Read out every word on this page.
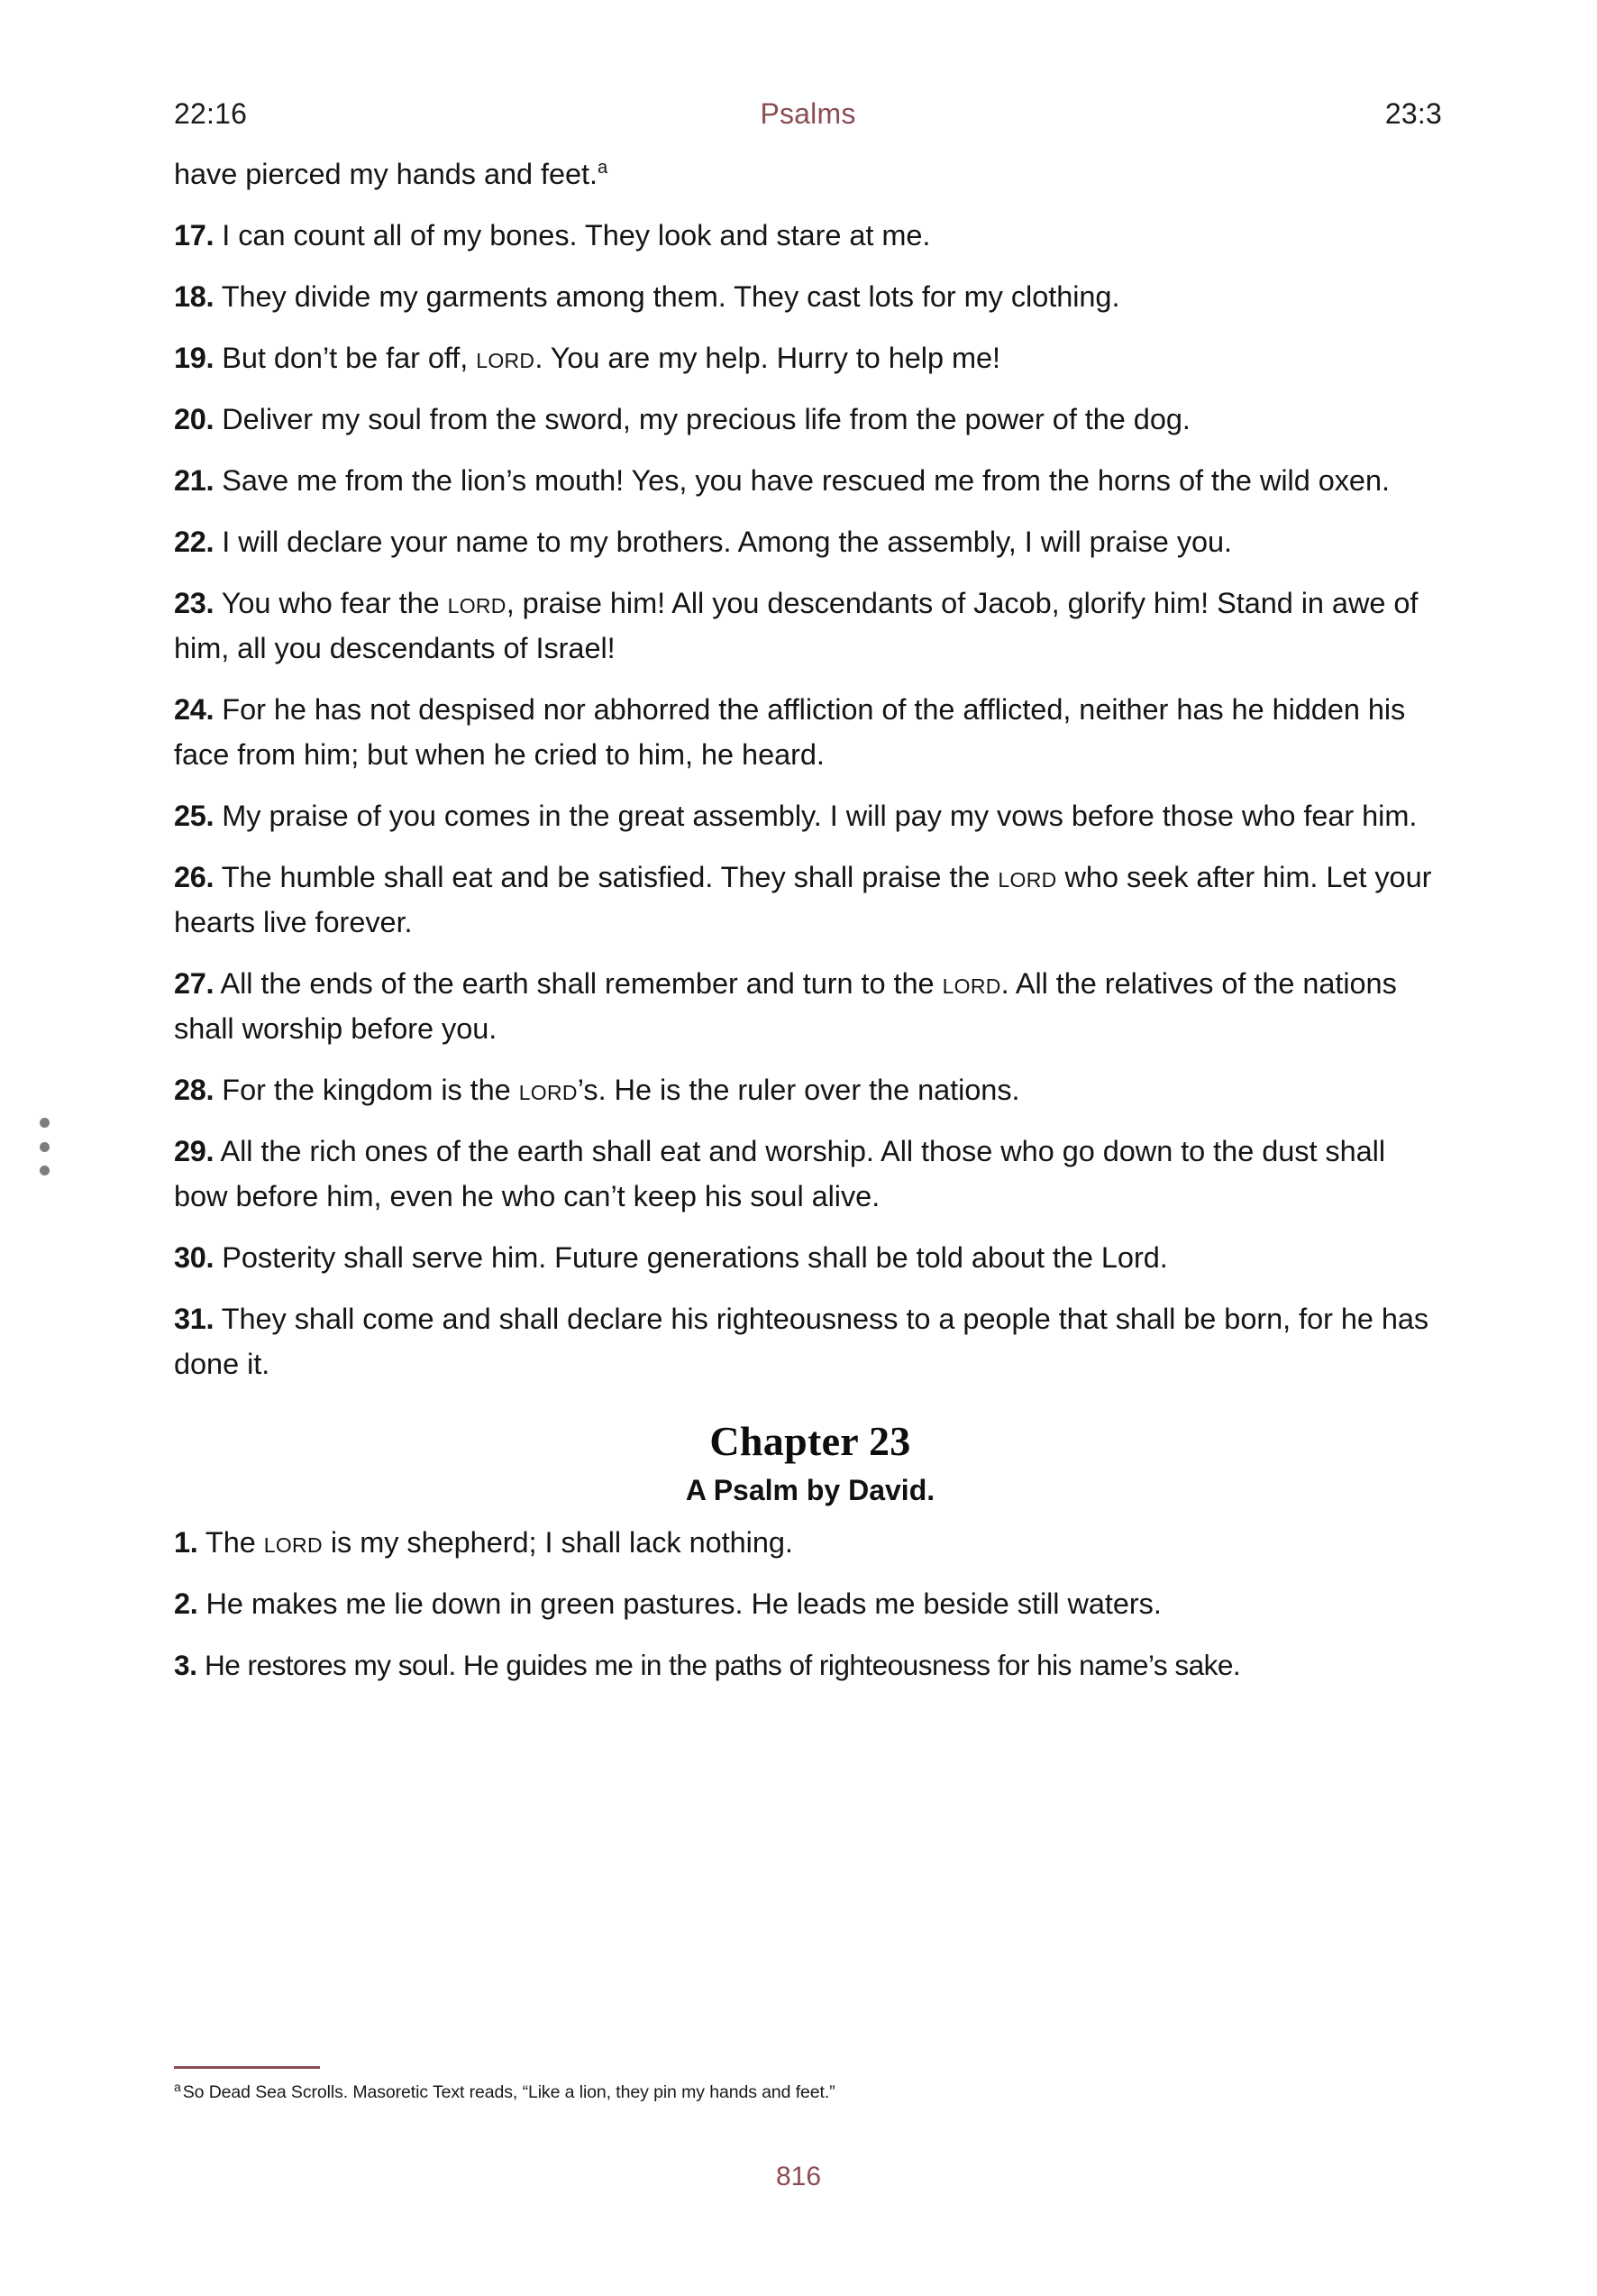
22:16	Psalms	23:3

have pierced my hands and feet.$^a$

17. I can count all of my bones. They look and stare at me.

18. They divide my garments among them. They cast lots for my clothing.

19. But don’t be far off, lord. You are my help. Hurry to help me!

20. Deliver my soul from the sword, my precious life from the power of the dog.

21. Save me from the lion’s mouth! Yes, you have rescued me from the horns of the wild oxen.

22. I will declare your name to my brothers. Among the assembly, I will praise you.

23. You who fear the lord, praise him! All you descendants of Jacob, glorify him! Stand in awe of him, all you descendants of Israel!

24. For he has not despised nor abhorred the affliction of the afflicted, neither has he hidden his face from him; but when he cried to him, he heard.

25. My praise of you comes in the great assembly. I will pay my vows before those who fear him.

26. The humble shall eat and be satisfied. They shall praise the lord who seek after him. Let your hearts live forever.

27. All the ends of the earth shall remember and turn to the lord. All the relatives of the nations shall worship before you.

28. For the kingdom is the lord’s. He is the ruler over the nations.

29. All the rich ones of the earth shall eat and worship. All those who go down to the dust shall bow before him, even he who can’t keep his soul alive.

30. Posterity shall serve him. Future generations shall be told about the Lord.

31. They shall come and shall declare his righteousness to a people that shall be born, for he has done it.

Chapter 23
A Psalm by David.

1. The lord is my shepherd; I shall lack nothing.

2. He makes me lie down in green pastures. He leads me beside still waters.

3. He restores my soul. He guides me in the paths of righteousness for his name’s sake.

$^a$ So Dead Sea Scrolls. Masoretic Text reads, “Like a lion, they pin my hands and feet.”
816
